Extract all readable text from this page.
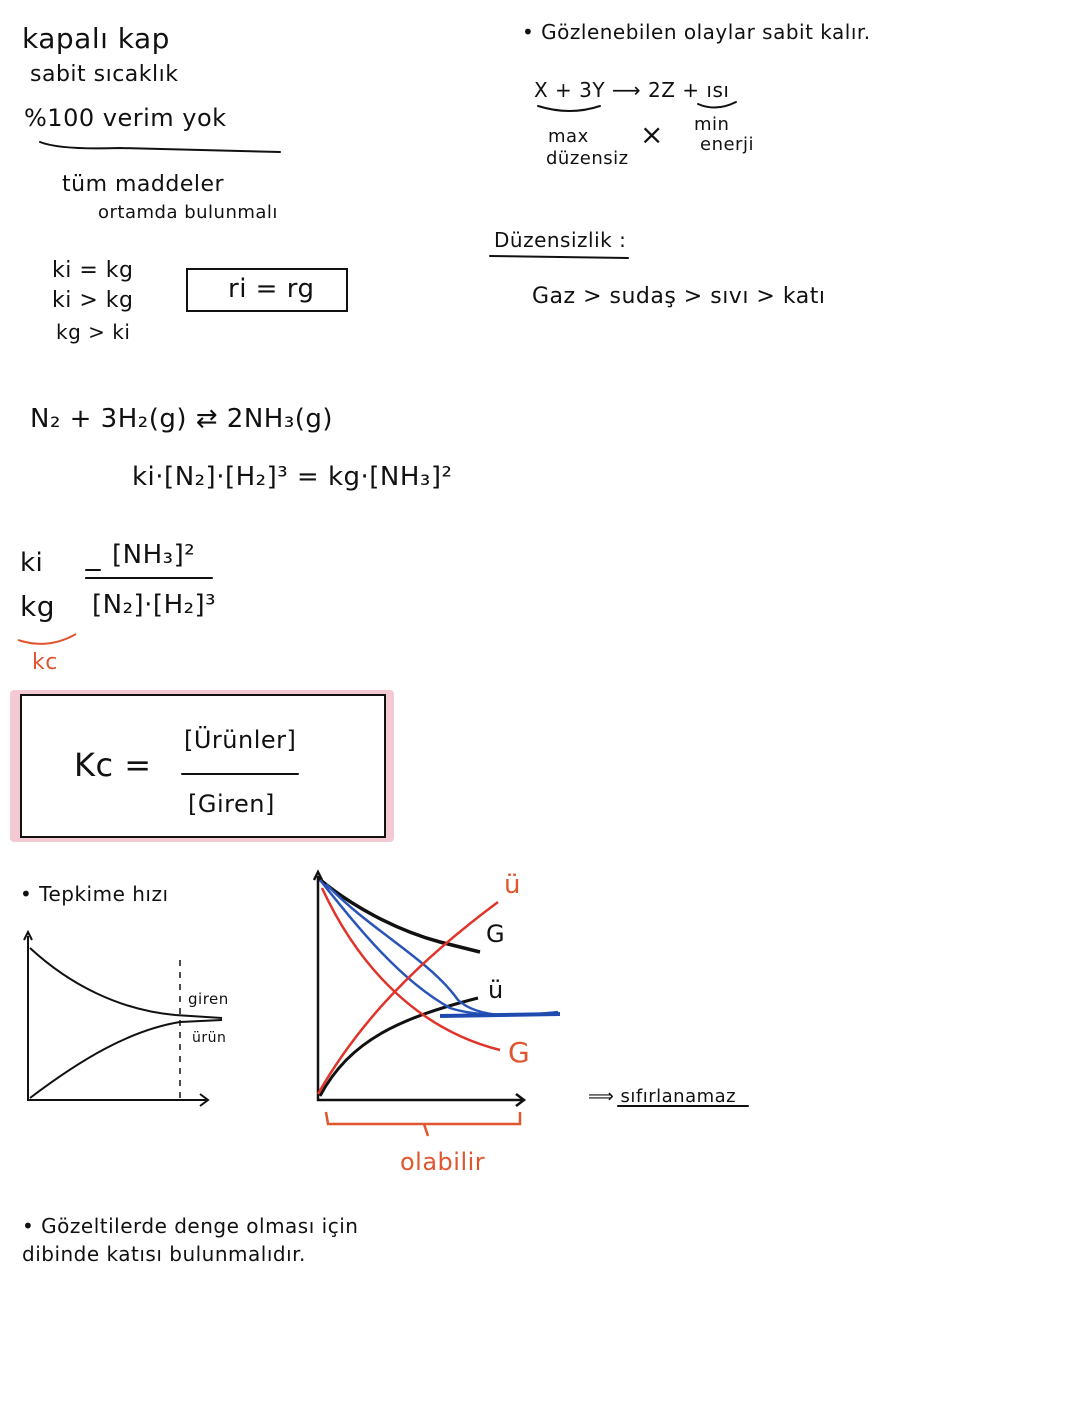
kapalı kap
sabit sıcaklık
%100 verim yok
tüm maddeler
ortamda bulunmalı
ki = kg
ki > kg
kg > ki
ri = rg
N₂ + 3H₂(g) ⇄ 2NH₃(g)
ki·[N₂]·[H₂]³ = kg·[NH₃]²
ki
kg
kc
[NH₃]²
[N₂]·[H₂]³
Kc =
[Ürünler]
[Giren]
• Gözlenebilen olaylar sabit kalır.
X + 3Y ⟶ 2Z + ısı
max
düzensiz
× min
enerji
Düzensizlik :
Gaz > sudaş > sıvı > katı
• Tepkime hızı
giren
ürün
ü
G
ü
G
olabilir
⟹ sıfırlanamaz
• Gözeltilerde denge olması için
dibinde katısı bulunmalıdır.
